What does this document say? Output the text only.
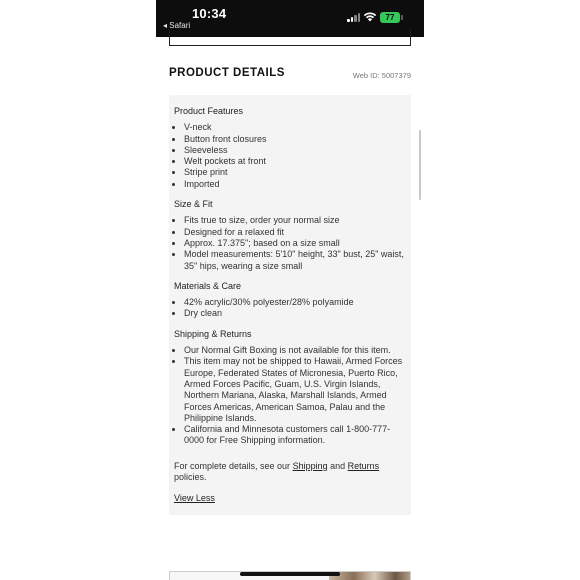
10:34
◂ Safari
77
PRODUCT DETAILS	Web ID: 5007379
Product Features
• V-neck
• Button front closures
• Sleeveless
• Welt pockets at front
• Stripe print
• Imported
Size & Fit
• Fits true to size, order your normal size
• Designed for a relaxed fit
• Approx. 17.375"; based on a size small
• Model measurements: 5'10" height, 33" bust, 25" waist, 35" hips, wearing a size small
Materials & Care
• 42% acrylic/30% polyester/28% polyamide
• Dry clean
Shipping & Returns
• Our Normal Gift Boxing is not available for this item.
• This item may not be shipped to Hawaii, Armed Forces Europe, Federated States of Micronesia, Puerto Rico, Armed Forces Pacific, Guam, U.S. Virgin Islands, Northern Mariana, Alaska, Marshall Islands, Armed Forces Americas, American Samoa, Palau and the Philippine Islands.
• California and Minnesota customers call 1-800-777-0000 for Free Shipping information.
For complete details, see our Shipping and Returns policies.
View Less
